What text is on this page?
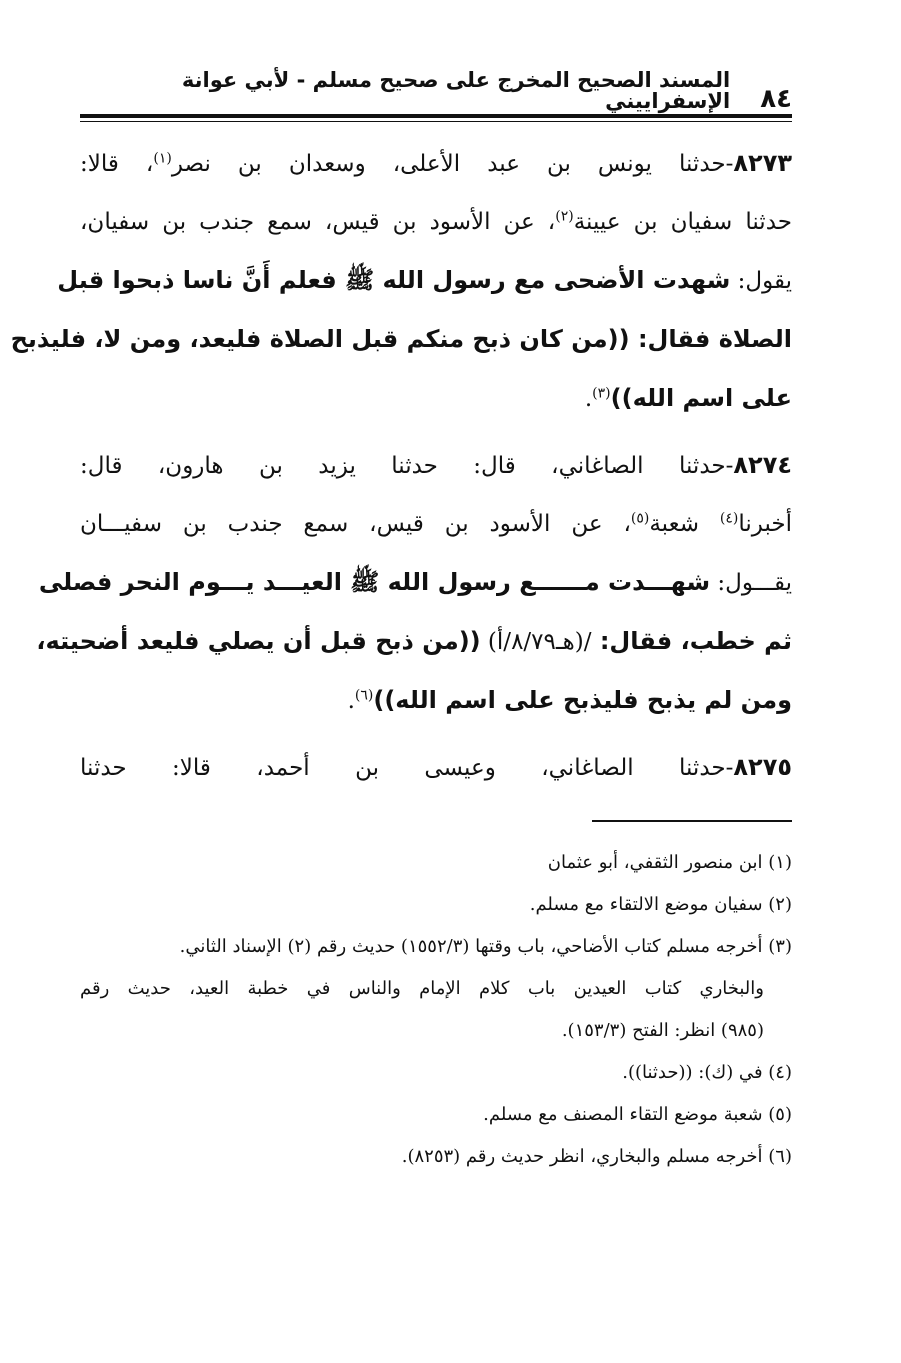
٨٤
المسند الصحيح المخرج على صحيح مسلم - لأبي عوانة الإسفراييني
٨٢٧٣-حدثنا يونس بن عبد الأعلى، وسعدان بن نصر$^{(١)}$، قالا:
حدثنا سفيان بن عيينة$^{(٢)}$، عن الأسود بن قيس، سمع جندب بن سفيان،
يقول: شهدت الأضحى مع رسول الله ﷺ فعلم أَنَّ ناسا ذبحوا قبل
الصلاة فقال: ((من كان ذبح منكم قبل الصلاة فليعد، ومن لا، فليذبح
على اسم الله))$^{(٣)}$.
٨٢٧٤-حدثنا الصاغاني، قال: حدثنا يزيد بن هارون، قال:
أخبرنا$^{(٤)}$ شعبة$^{(٥)}$، عن الأسود بن قيس، سمع جندب بن سفيـــان
يقـــول: شهـــدت مــــــع رسول الله ﷺ العيـــد يـــوم النحر فصلى
ثم خطب، فقال: /(هـ٨/٧٩/أ) ((من ذبح قبل أن يصلي فليعد أضحيته،
ومن لم يذبح فليذبح على اسم الله))$^{(٦)}$.
٨٢٧٥-حدثنا الصاغاني، وعيسى بن أحمد، قالا: حدثنا
(١) ابن منصور الثقفي، أبو عثمان
(٢) سفيان موضع الالتقاء مع مسلم.
(٣) أخرجه مسلم كتاب الأضاحي، باب وقتها (١٥٥٢/٣) حديث رقم (٢) الإسناد الثاني.
والبخاري كتاب العيدين باب كلام الإمام والناس في خطبة العيد، حديث رقم
(٩٨٥) انظر: الفتح (١٥٣/٣).
(٤) في (ك): ((حدثنا)).
(٥) شعبة موضع التقاء المصنف مع مسلم.
(٦) أخرجه مسلم والبخاري، انظر حديث رقم (٨٢٥٣).
